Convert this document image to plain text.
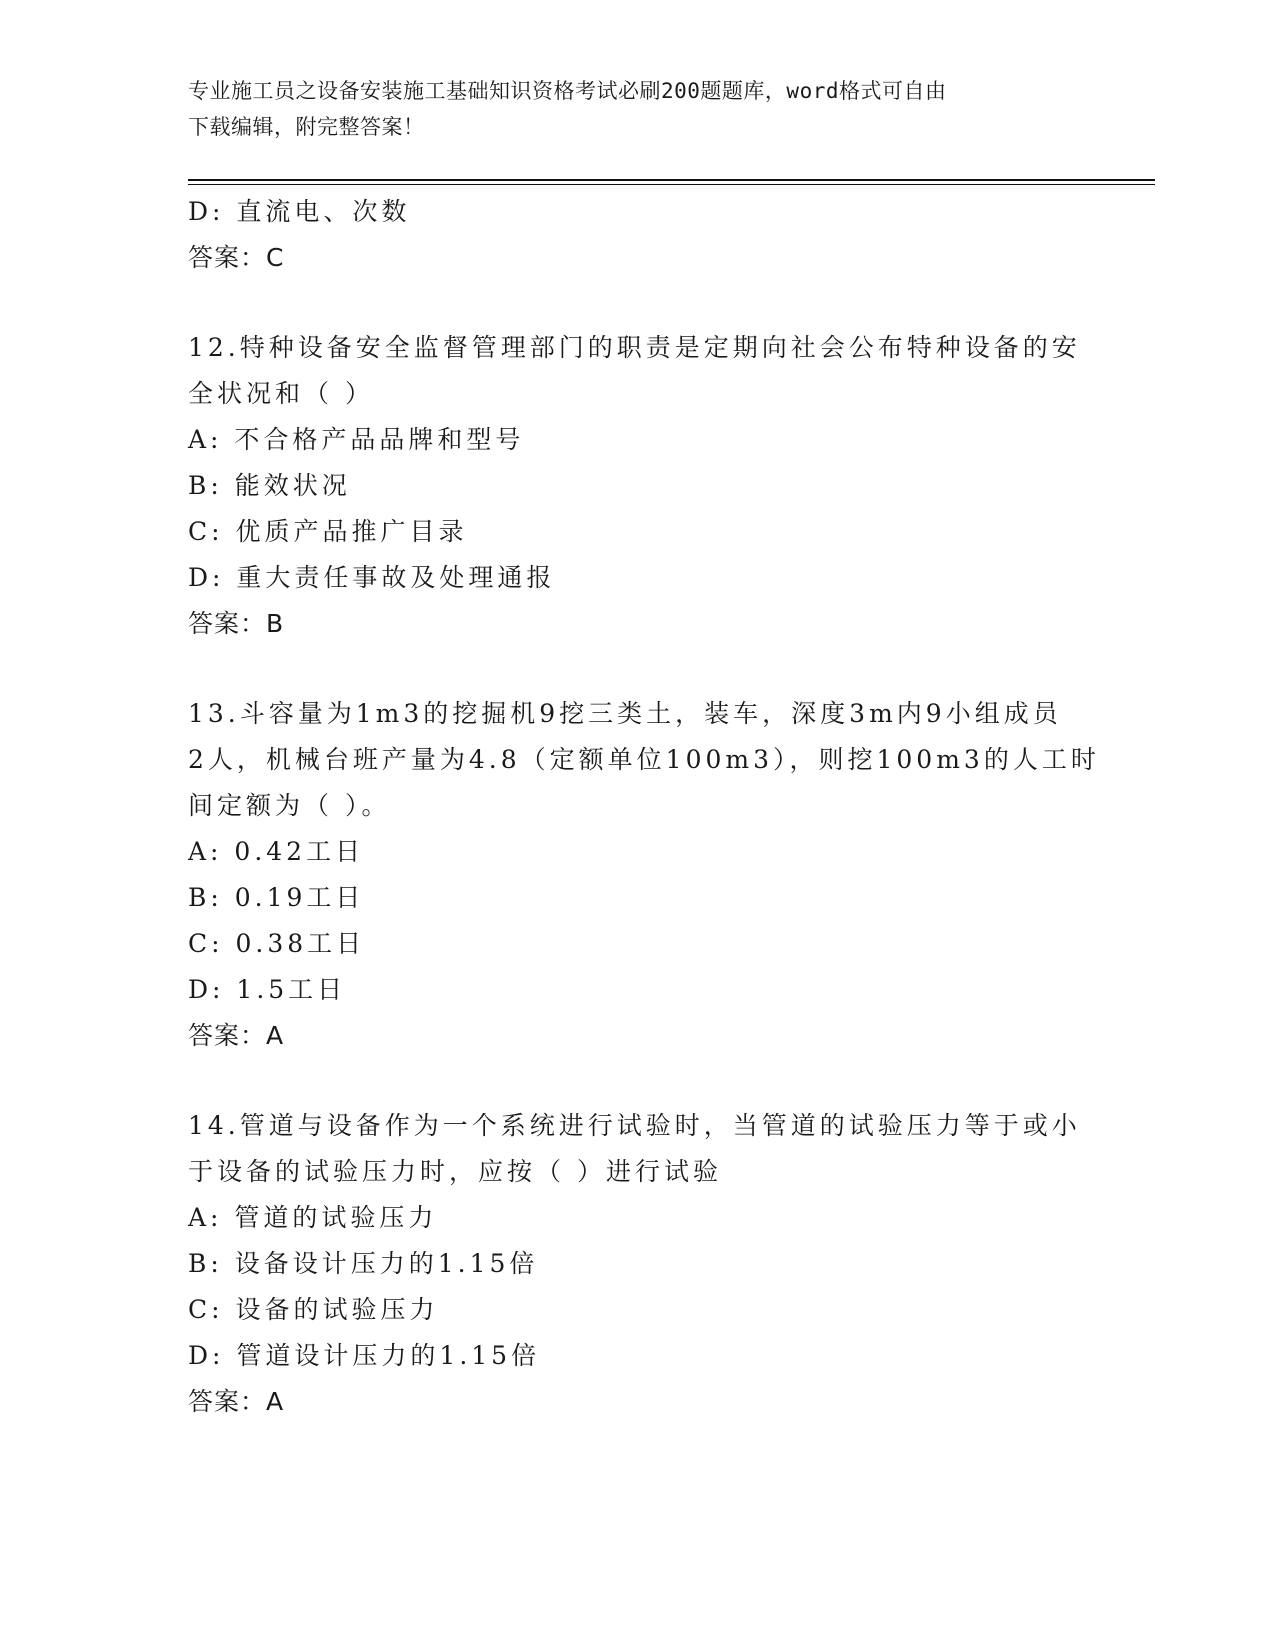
专业施工员之设备安装施工基础知识资格考试必刷200题题库，word格式可自由
下载编辑，附完整答案！
D: 直流电、次数
答案：C
12.特种设备安全监督管理部门的职责是定期向社会公布特种设备的安
全状况和（ ）
A: 不合格产品品牌和型号
B: 能效状况
C: 优质产品推广目录
D: 重大责任事故及处理通报
答案：B
13.斗容量为1m3的挖掘机9挖三类土，装车，深度3m内9小组成员
2人，机械台班产量为4.8（定额单位100m3），则挖100m3的人工时
间定额为（ ）。
A: 0.42工日
B: 0.19工日
C: 0.38工日
D: 1.5工日
答案：A
14.管道与设备作为一个系统进行试验时，当管道的试验压力等于或小
于设备的试验压力时，应按（ ）进行试验
A: 管道的试验压力
B: 设备设计压力的1.15倍
C: 设备的试验压力
D: 管道设计压力的1.15倍
答案：A
